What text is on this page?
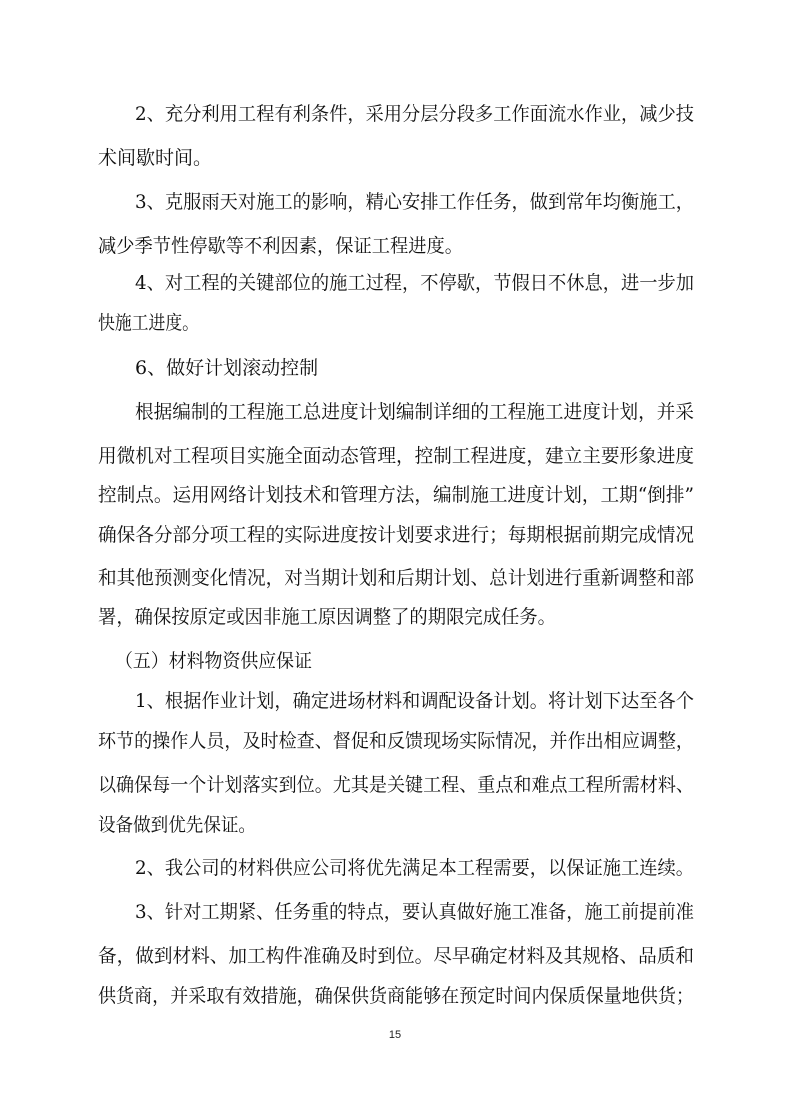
2、充分利用工程有利条件，采用分层分段多工作面流水作业，减少技
术间歇时间。
3、克服雨天对施工的影响，精心安排工作任务，做到常年均衡施工，
减少季节性停歇等不利因素，保证工程进度。
4、对工程的关键部位的施工过程，不停歇，节假日不休息，进一步加
快施工进度。
6、做好计划滚动控制
根据编制的工程施工总进度计划编制详细的工程施工进度计划，并采
用微机对工程项目实施全面动态管理，控制工程进度，建立主要形象进度
控制点。运用网络计划技术和管理方法，编制施工进度计划，工期“倒排”
确保各分部分项工程的实际进度按计划要求进行；每期根据前期完成情况
和其他预测变化情况，对当期计划和后期计划、总计划进行重新调整和部
署，确保按原定或因非施工原因调整了的期限完成任务。
（五）材料物资供应保证
1、根据作业计划，确定进场材料和调配设备计划。将计划下达至各个
环节的操作人员，及时检查、督促和反馈现场实际情况，并作出相应调整，
以确保每一个计划落实到位。尤其是关键工程、重点和难点工程所需材料、
设备做到优先保证。
2、我公司的材料供应公司将优先满足本工程需要，以保证施工连续。
3、针对工期紧、任务重的特点，要认真做好施工准备，施工前提前准
备，做到材料、加工构件准确及时到位。尽早确定材料及其规格、品质和
供货商，并采取有效措施，确保供货商能够在预定时间内保质保量地供货；
15
